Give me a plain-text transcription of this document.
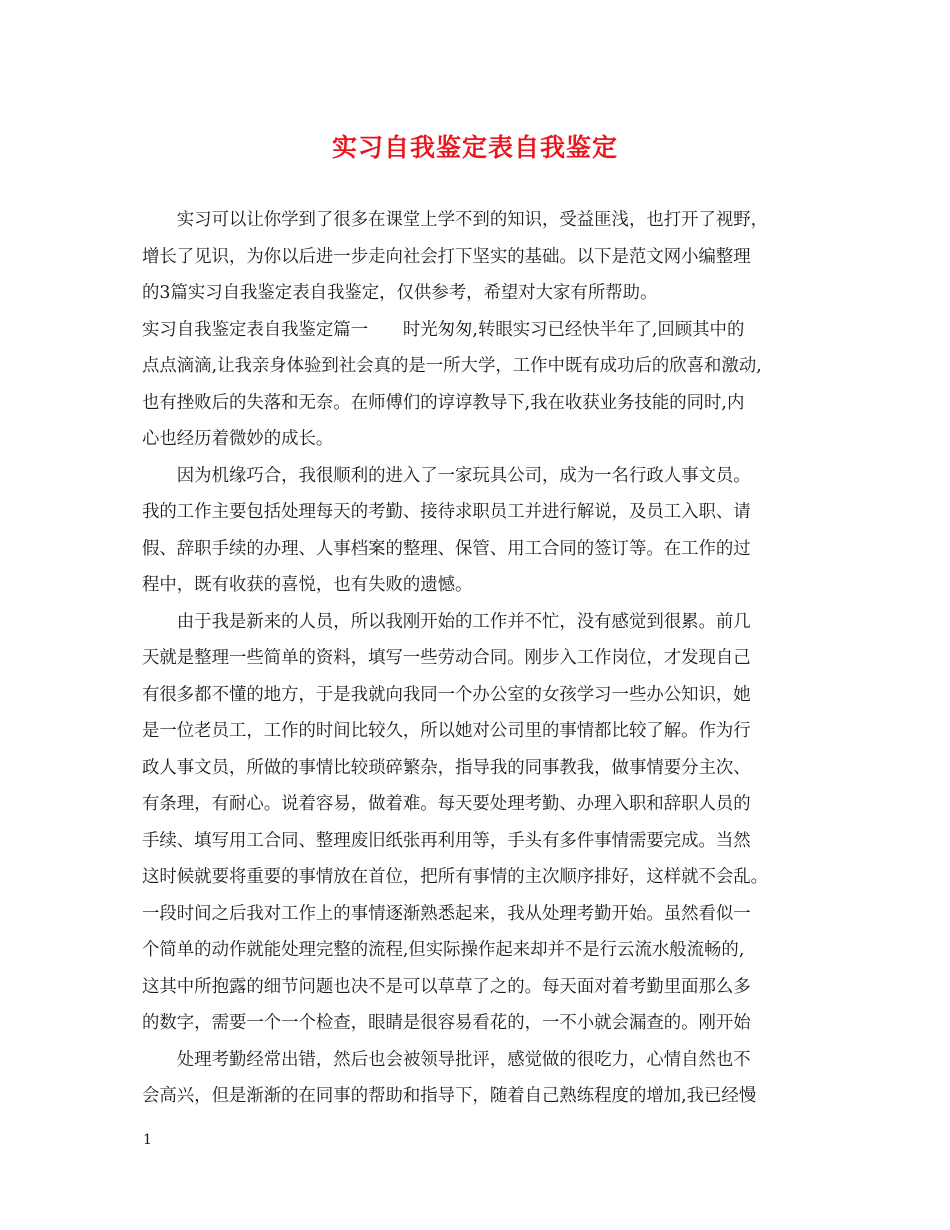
实习自我鉴定表自我鉴定
　　实习可以让你学到了很多在课堂上学不到的知识，受益匪浅，也打开了视野，
增长了见识，为你以后进一步走向社会打下坚实的基础。以下是范文网小编整理
的3篇实习自我鉴定表自我鉴定，仅供参考，希望对大家有所帮助。
实习自我鉴定表自我鉴定篇一　　时光匆匆,转眼实习已经快半年了,回顾其中的
点点滴滴,让我亲身体验到社会真的是一所大学，工作中既有成功后的欣喜和激动,
也有挫败后的失落和无奈。在师傅们的谆谆教导下,我在收获业务技能的同时,内
心也经历着微妙的成长。
　　因为机缘巧合，我很顺利的进入了一家玩具公司，成为一名行政人事文员。
我的工作主要包括处理每天的考勤、接待求职员工并进行解说，及员工入职、请
假、辞职手续的办理、人事档案的整理、保管、用工合同的签订等。在工作的过
程中，既有收获的喜悦，也有失败的遗憾。
　　由于我是新来的人员，所以我刚开始的工作并不忙，没有感觉到很累。前几
天就是整理一些简单的资料，填写一些劳动合同。刚步入工作岗位，才发现自己
有很多都不懂的地方，于是我就向我同一个办公室的女孩学习一些办公知识，她
是一位老员工，工作的时间比较久，所以她对公司里的事情都比较了解。作为行
政人事文员，所做的事情比较琐碎繁杂，指导我的同事教我，做事情要分主次、
有条理，有耐心。说着容易，做着难。每天要处理考勤、办理入职和辞职人员的
手续、填写用工合同、整理废旧纸张再利用等，手头有多件事情需要完成。当然
这时候就要将重要的事情放在首位，把所有事情的主次顺序排好，这样就不会乱。
一段时间之后我对工作上的事情逐渐熟悉起来，我从处理考勤开始。虽然看似一
个简单的动作就能处理完整的流程,但实际操作起来却并不是行云流水般流畅的,
这其中所抱露的细节问题也决不是可以草草了之的。每天面对着考勤里面那么多
的数字，需要一个一个检查，眼睛是很容易看花的，一不小就会漏查的。刚开始
　　处理考勤经常出错，然后也会被领导批评，感觉做的很吃力，心情自然也不
会高兴，但是渐渐的在同事的帮助和指导下，随着自己熟练程度的增加,我已经慢
1
